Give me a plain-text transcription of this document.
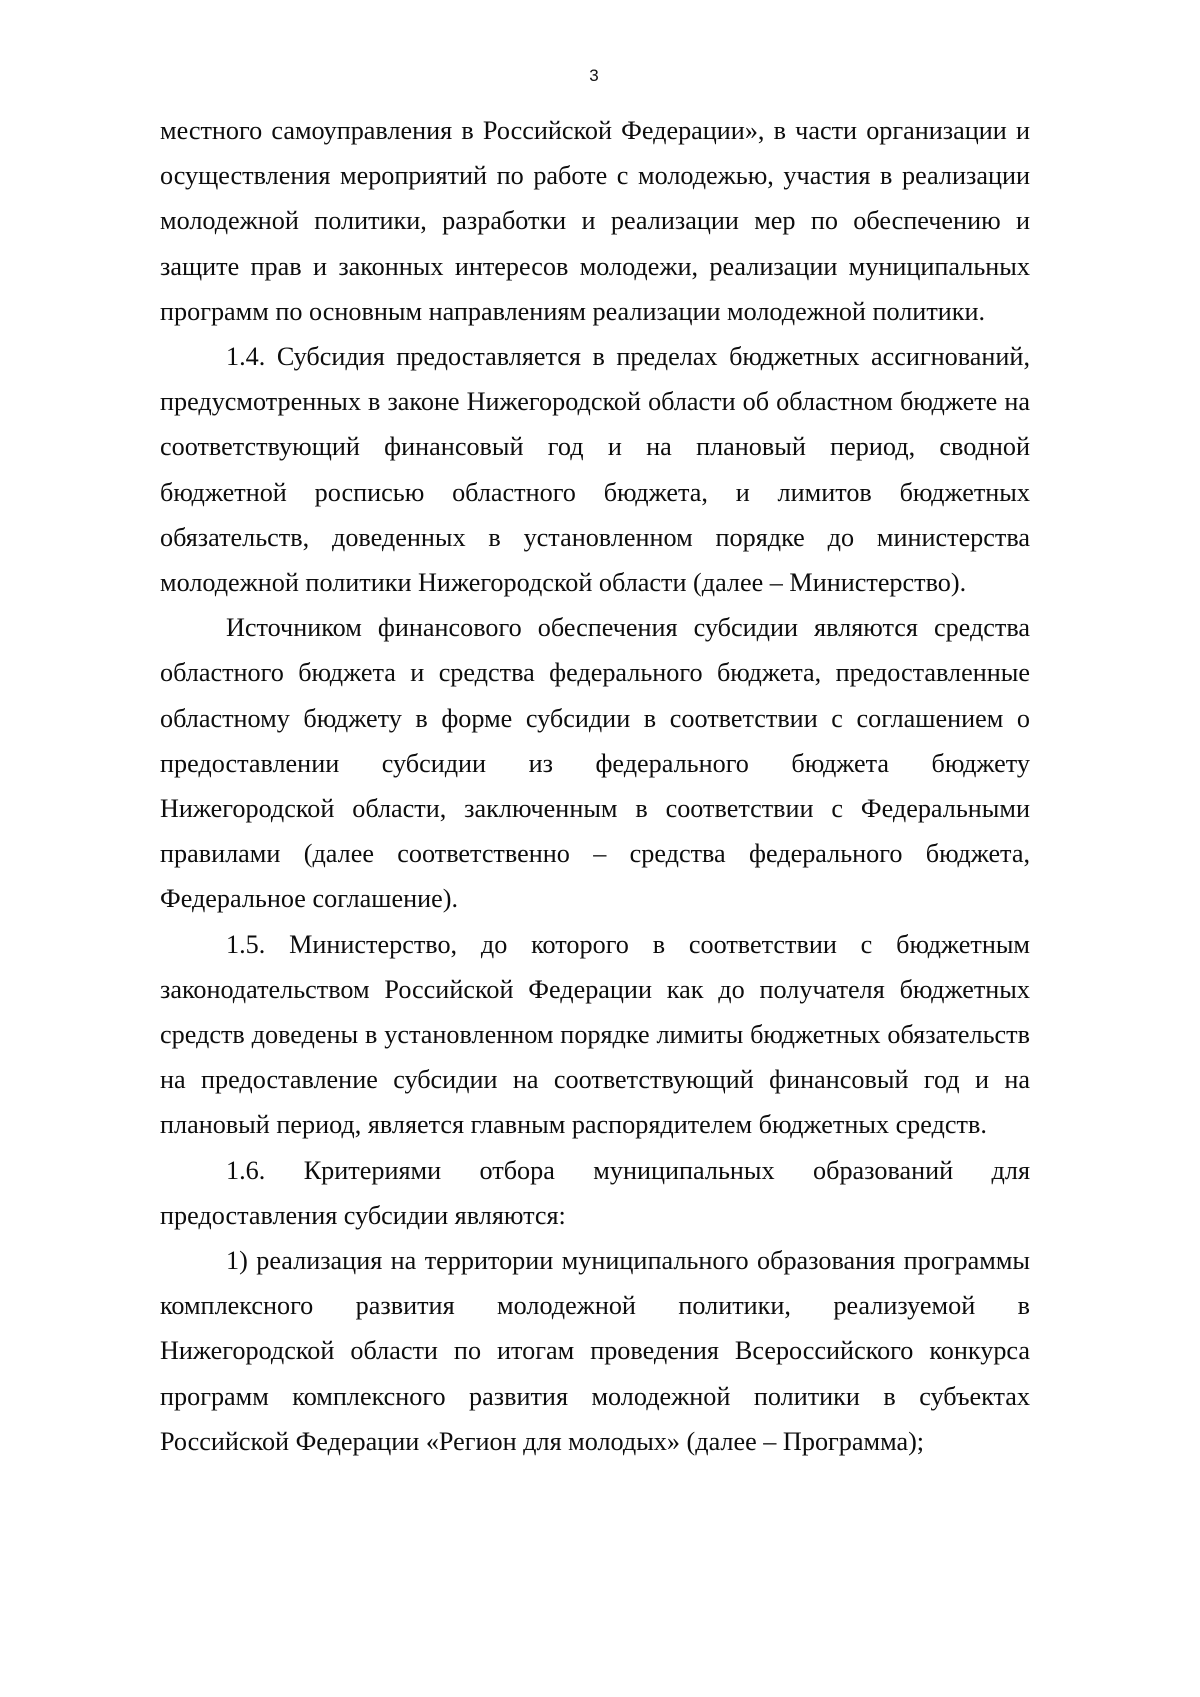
3

местного самоуправления в Российской Федерации», в части организации и осуществления мероприятий по работе с молодежью, участия в реализации молодежной политики, разработки и реализации мер по обеспечению и защите прав и законных интересов молодежи, реализации муниципальных программ по основным направлениям реализации молодежной политики.

1.4. Субсидия предоставляется в пределах бюджетных ассигнований, предусмотренных в законе Нижегородской области об областном бюджете на соответствующий финансовый год и на плановый период, сводной бюджетной росписью областного бюджета, и лимитов бюджетных обязательств, доведенных в установленном порядке до министерства молодежной политики Нижегородской области (далее – Министерство).

Источником финансового обеспечения субсидии являются средства областного бюджета и средства федерального бюджета, предоставленные областному бюджету в форме субсидии в соответствии с соглашением о предоставлении субсидии из федерального бюджета бюджету Нижегородской области, заключенным в соответствии с Федеральными правилами (далее соответственно – средства федерального бюджета, Федеральное соглашение).

1.5. Министерство, до которого в соответствии с бюджетным законодательством Российской Федерации как до получателя бюджетных средств доведены в установленном порядке лимиты бюджетных обязательств на предоставление субсидии на соответствующий финансовый год и на плановый период, является главным распорядителем бюджетных средств.

1.6. Критериями отбора муниципальных образований для предоставления субсидии являются:

1) реализация на территории муниципального образования программы комплексного развития молодежной политики, реализуемой в Нижегородской области по итогам проведения Всероссийского конкурса программ комплексного развития молодежной политики в субъектах Российской Федерации «Регион для молодых» (далее – Программа);
